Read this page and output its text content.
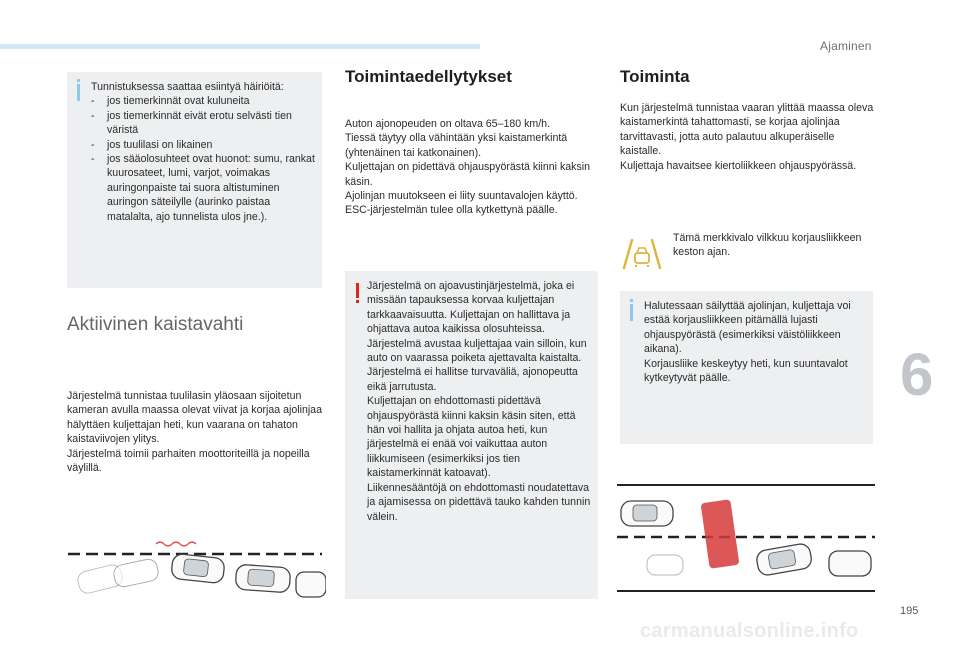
Ajaminen
6
195
Tunnistuksessa saattaa esiintyä häiriöitä:
- jos tiemerkinnät ovat kuluneita
- jos tiemerkinnät eivät erotu selvästi tien väristä
- jos tuulilasi on likainen
- jos sääolosuhteet ovat huonot: sumu, rankat kuurosateet, lumi, varjot, voimakas auringonpaiste tai suora altistuminen auringon säteilylle (aurinko paistaa matalalta, ajo tunnelista ulos jne.).
Aktiivinen kaistavahti
Järjestelmä tunnistaa tuulilasin yläosaan sijoitetun kameran avulla maassa olevat viivat ja korjaa ajolinjaa hälyttäen kuljettajan heti, kun vaarana on tahaton kaistaviivojen ylitys.
Järjestelmä toimii parhaiten moottoriteillä ja nopeilla väylillä.
Toimintaedellytykset
Auton ajonopeuden on oltava 65–180 km/h.
Tiessä täytyy olla vähintään yksi kaistamerkintä (yhtenäinen tai katkonainen).
Kuljettajan on pidettävä ohjauspyörästä kiinni kaksin käsin.
Ajolinjan muutokseen ei liity suuntavalojen käyttö.
ESC-järjestelmän tulee olla kytkettynä päälle.
Järjestelmä on ajoavustinjärjestelmä, joka ei missään tapauksessa korvaa kuljettajan tarkkaavaisuutta. Kuljettajan on hallittava ja ohjattava autoa kaikissa olosuhteissa.
Järjestelmä avustaa kuljettajaa vain silloin, kun auto on vaarassa poiketa ajettavalta kaistalta. Järjestelmä ei hallitse turvaväliä, ajonopeutta eikä jarrutusta.
Kuljettajan on ehdottomasti pidettävä ohjauspyörästä kiinni kaksin käsin siten, että hän voi hallita ja ohjata autoa heti, kun järjestelmä ei enää voi vaikuttaa auton liikkumiseen (esimerkiksi jos tien kaistamerkinnät katoavat).
Liikennesääntöjä on ehdottomasti noudatettava ja ajamisessa on pidettävä tauko kahden tunnin välein.
Toiminta
Kun järjestelmä tunnistaa vaaran ylittää maassa oleva kaistamerkintä tahattomasti, se korjaa ajolinjaa tarvittavasti, jotta auto palautuu alkuperäiselle kaistalle.
Kuljettaja havaitsee kiertoliikkeen ohjauspyörässä.
Tämä merkkivalo vilkkuu korjausliikkeen keston ajan.
Halutessaan säilyttää ajolinjan, kuljettaja voi estää korjausliikkeen pitämällä lujasti ohjauspyörästä (esimerkiksi väistöliikkeen aikana).
Korjausliike keskeytyy heti, kun suuntavalot kytkeytyvät päälle.
carmanualsonline.info
